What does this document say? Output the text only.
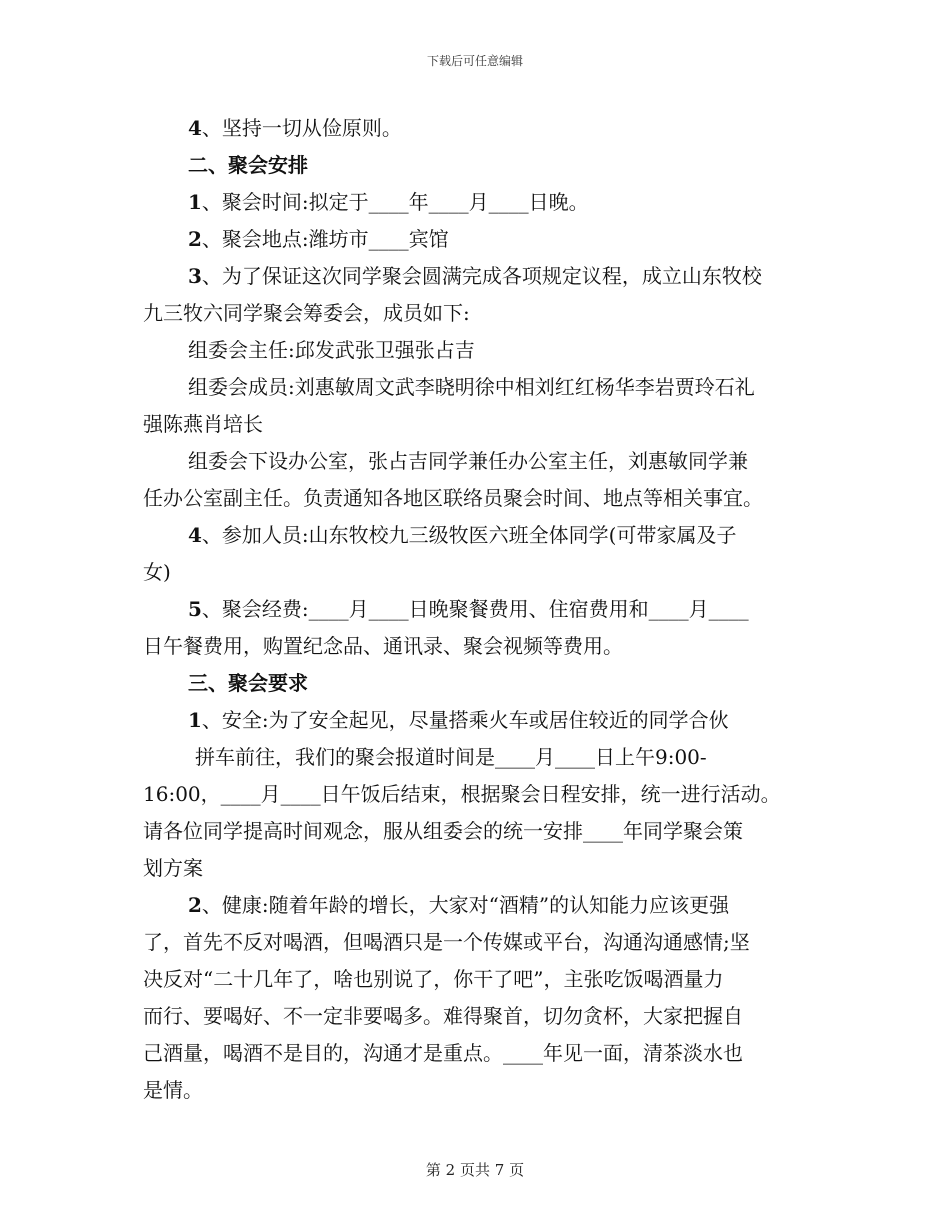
下载后可任意编辑
4、坚持一切从俭原则。
二、聚会安排
1、聚会时间:拟定于____年____月____日晚。
2、聚会地点:潍坊市____宾馆
3、为了保证这次同学聚会圆满完成各项规定议程，成立山东牧校
九三牧六同学聚会筹委会，成员如下:
组委会主任:邱发武张卫强张占吉
组委会成员:刘惠敏周文武李晓明徐中相刘红红杨华李岩贾玲石礼
强陈燕肖培长
组委会下设办公室，张占吉同学兼任办公室主任，刘惠敏同学兼
任办公室副主任。负责通知各地区联络员聚会时间、地点等相关事宜。
4、参加人员:山东牧校九三级牧医六班全体同学(可带家属及子
女)
5、聚会经费:____月____日晚聚餐费用、住宿费用和____月____
日午餐费用，购置纪念品、通讯录、聚会视频等费用。
三、聚会要求
1、安全:为了安全起见，尽量搭乘火车或居住较近的同学合伙
拼车前往，我们的聚会报道时间是____月____日上午9:00-
16:00，____月____日午饭后结束，根据聚会日程安排，统一进行活动。
请各位同学提高时间观念，服从组委会的统一安排____年同学聚会策
划方案
2、健康:随着年龄的增长，大家对“酒精”的认知能力应该更强
了，首先不反对喝酒，但喝酒只是一个传媒或平台，沟通沟通感情;坚
决反对“二十几年了，啥也别说了，你干了吧”，主张吃饭喝酒量力
而行、要喝好、不一定非要喝多。难得聚首，切勿贪杯，大家把握自
己酒量，喝酒不是目的，沟通才是重点。____年见一面，清茶淡水也
是情。
第 2 页共 7 页
